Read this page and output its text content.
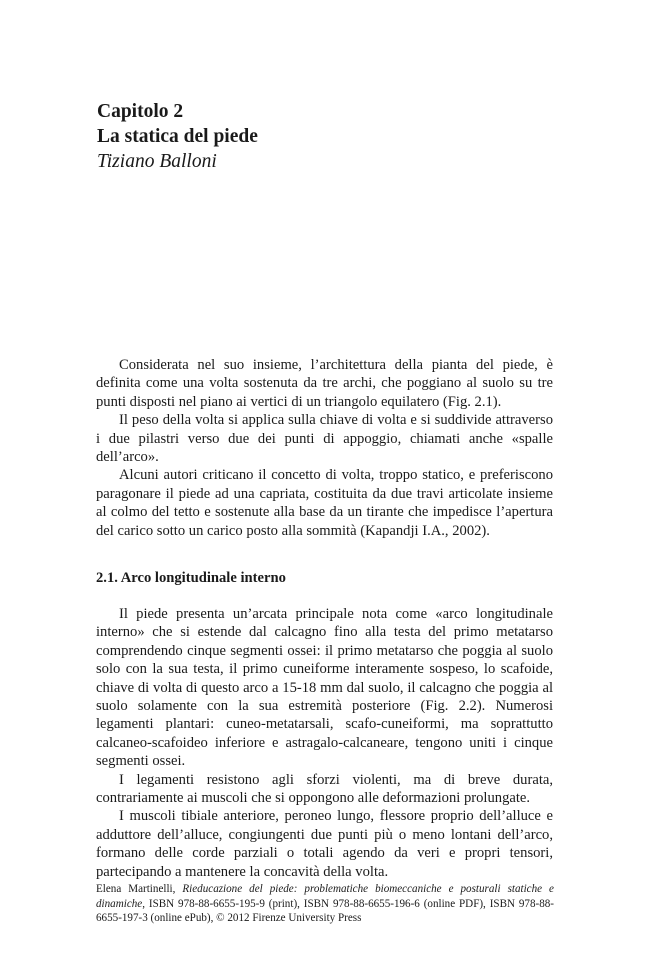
Capitolo 2
La statica del piede
Tiziano Balloni

Considerata nel suo insieme, l’architettura della pianta del piede, è definita come una volta sostenuta da tre archi, che poggiano al suolo su tre punti disposti nel piano ai vertici di un triangolo equilatero (Fig. 2.1).

Il peso della volta si applica sulla chiave di volta e si suddivide attraverso i due pilastri verso due dei punti di appoggio, chiamati anche «spalle dell’arco».

Alcuni autori criticano il concetto di volta, troppo statico, e preferiscono paragonare il piede ad una capriata, costituita da due travi articolate insieme al colmo del tetto e sostenute alla base da un tirante che impedisce l’apertura del carico sotto un carico posto alla sommità (Kapandji I.A., 2002).

2.1. Arco longitudinale interno

Il piede presenta un’arcata principale nota come «arco longitudinale interno» che si estende dal calcagno fino alla testa del primo metatarso comprendendo cinque segmenti ossei: il primo metatarso che poggia al suolo solo con la sua testa, il primo cuneiforme interamente sospeso, lo scafoide, chiave di volta di questo arco a 15-18 mm dal suolo, il calcagno che poggia al suolo solamente con la sua estremità posteriore (Fig. 2.2). Numerosi legamenti plantari: cuneo-metatarsali, scafo-cuneiformi, ma soprattutto calcaneo-scafoideo inferiore e astragalo-calcaneare, tengono uniti i cinque segmenti ossei.

I legamenti resistono agli sforzi violenti, ma di breve durata, contrariamente ai muscoli che si oppongono alle deformazioni prolungate.

I muscoli tibiale anteriore, peroneo lungo, flessore proprio dell’alluce e adduttore dell’alluce, congiungenti due punti più o meno lontani dell’arco, formano delle corde parziali o totali agendo da veri e propri tensori, partecipando a mantenere la concavità della volta.

Elena Martinelli, Rieducazione del piede: problematiche biomeccaniche e posturali statiche e dinamiche, ISBN 978-88-6655-195-9 (print), ISBN 978-88-6655-196-6 (online PDF), ISBN 978-88-6655-197-3 (online ePub), © 2012 Firenze University Press
